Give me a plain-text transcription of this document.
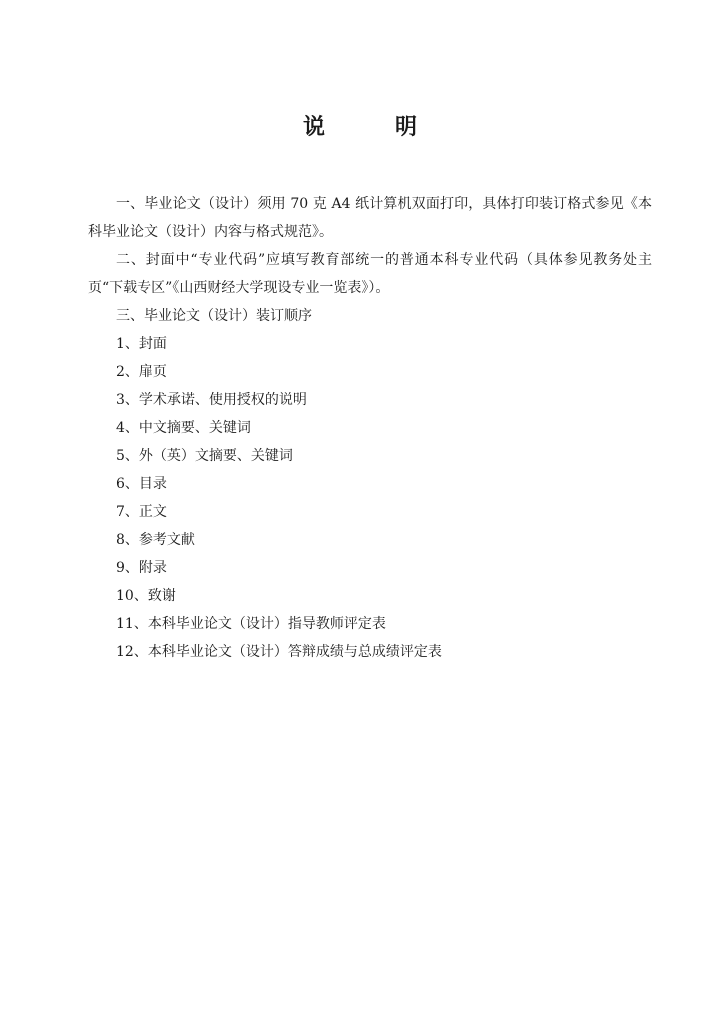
说　明

一、毕业论文（设计）须用 70 克 A4 纸计算机双面打印，具体打印装订格式参见《本科毕业论文（设计）内容与格式规范》。

二、封面中“专业代码”应填写教育部统一的普通本科专业代码（具体参见教务处主页“下载专区”《山西财经大学现设专业一览表》）。

三、毕业论文（设计）装订顺序

1、封面
2、扉页
3、学术承诺、使用授权的说明
4、中文摘要、关键词
5、外（英）文摘要、关键词
6、目录
7、正文
8、参考文献
9、附录
10、致谢
11、本科毕业论文（设计）指导教师评定表
12、本科毕业论文（设计）答辩成绩与总成绩评定表
